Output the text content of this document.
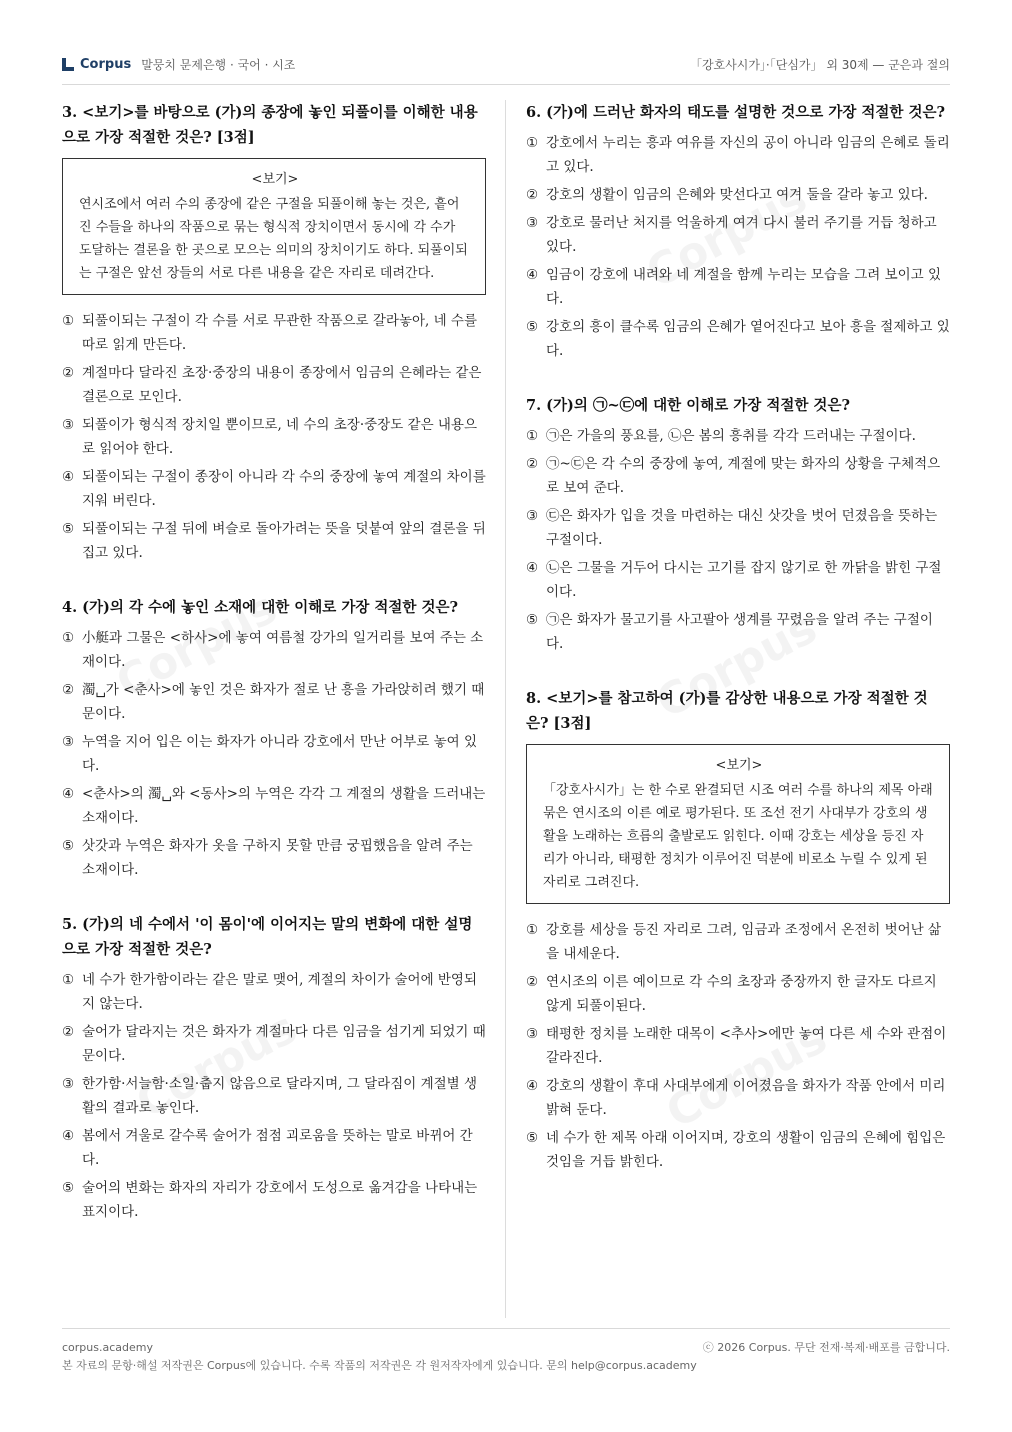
Corpus 말뭉치 문제은행 · 국어 · 시조	「강호사시가」·「단심가」 외 30제 — 군은과 절의
3. <보기>를 바탕으로 (가)의 종장에 놓인 되풀이를 이해한 내용으로 가장 적절한 것은? [3점]
<보기>
연시조에서 여러 수의 종장에 같은 구절을 되풀이해 놓는 것은, 흩어진 수들을 하나의 작품으로 묶는 형식적 장치이면서 동시에 각 수가 도달하는 결론을 한 곳으로 모으는 의미의 장치이기도 하다. 되풀이되는 구절은 앞선 장들의 서로 다른 내용을 같은 자리로 데려간다.
① 되풀이되는 구절이 각 수를 서로 무관한 작품으로 갈라놓아, 네 수를 따로 읽게 만든다.
② 계절마다 달라진 초장·중장의 내용이 종장에서 임금의 은혜라는 같은 결론으로 모인다.
③ 되풀이가 형식적 장치일 뿐이므로, 네 수의 초장·중장도 같은 내용으로 읽어야 한다.
④ 되풀이되는 구절이 종장이 아니라 각 수의 중장에 놓여 계절의 차이를 지워 버린다.
⑤ 되풀이되는 구절 뒤에 벼슬로 돌아가려는 뜻을 덧붙여 앞의 결론을 뒤집고 있다.
4. (가)의 각 수에 놓인 소재에 대한 이해로 가장 적절한 것은?
① 小艇과 그물은 <하사>에 놓여 여름철 강가의 일거리를 보여 주는 소재이다.
② 濁␣가 <춘사>에 놓인 것은 화자가 절로 난 흥을 가라앉히려 했기 때문이다.
③ 누역을 지어 입은 이는 화자가 아니라 강호에서 만난 어부로 놓여 있다.
④ <춘사>의 濁␣와 <동사>의 누역은 각각 그 계절의 생활을 드러내는 소재이다.
⑤ 삿갓과 누역은 화자가 옷을 구하지 못할 만큼 궁핍했음을 알려 주는 소재이다.
5. (가)의 네 수에서 '이 몸이'에 이어지는 말의 변화에 대한 설명으로 가장 적절한 것은?
① 네 수가 한가함이라는 같은 말로 맺어, 계절의 차이가 술어에 반영되지 않는다.
② 술어가 달라지는 것은 화자가 계절마다 다른 임금을 섬기게 되었기 때문이다.
③ 한가함·서늘함·소일·춥지 않음으로 달라지며, 그 달라짐이 계절별 생활의 결과로 놓인다.
④ 봄에서 겨울로 갈수록 술어가 점점 괴로움을 뜻하는 말로 바뀌어 간다.
⑤ 술어의 변화는 화자의 자리가 강호에서 도성으로 옮겨감을 나타내는 표지이다.
6. (가)에 드러난 화자의 태도를 설명한 것으로 가장 적절한 것은?
① 강호에서 누리는 흥과 여유를 자신의 공이 아니라 임금의 은혜로 돌리고 있다.
② 강호의 생활이 임금의 은혜와 맞선다고 여겨 둘을 갈라 놓고 있다.
③ 강호로 물러난 처지를 억울하게 여겨 다시 불러 주기를 거듭 청하고 있다.
④ 임금이 강호에 내려와 네 계절을 함께 누리는 모습을 그려 보이고 있다.
⑤ 강호의 흥이 클수록 임금의 은혜가 옅어진다고 보아 흥을 절제하고 있다.
7. (가)의 ㉠~㉢에 대한 이해로 가장 적절한 것은?
① ㉠은 가을의 풍요를, ㉡은 봄의 흥취를 각각 드러내는 구절이다.
② ㉠~㉢은 각 수의 중장에 놓여, 계절에 맞는 화자의 상황을 구체적으로 보여 준다.
③ ㉢은 화자가 입을 것을 마련하는 대신 삿갓을 벗어 던졌음을 뜻하는 구절이다.
④ ㉡은 그물을 거두어 다시는 고기를 잡지 않기로 한 까닭을 밝힌 구절이다.
⑤ ㉠은 화자가 물고기를 사고팔아 생계를 꾸렸음을 알려 주는 구절이다.
8. <보기>를 참고하여 (가)를 감상한 내용으로 가장 적절한 것은? [3점]
<보기>
「강호사시가」는 한 수로 완결되던 시조 여러 수를 하나의 제목 아래 묶은 연시조의 이른 예로 평가된다. 또 조선 전기 사대부가 강호의 생활을 노래하는 흐름의 출발로도 읽힌다. 이때 강호는 세상을 등진 자리가 아니라, 태평한 정치가 이루어진 덕분에 비로소 누릴 수 있게 된 자리로 그려진다.
① 강호를 세상을 등진 자리로 그려, 임금과 조정에서 온전히 벗어난 삶을 내세운다.
② 연시조의 이른 예이므로 각 수의 초장과 중장까지 한 글자도 다르지 않게 되풀이된다.
③ 태평한 정치를 노래한 대목이 <추사>에만 놓여 다른 세 수와 관점이 갈라진다.
④ 강호의 생활이 후대 사대부에게 이어졌음을 화자가 작품 안에서 미리 밝혀 둔다.
⑤ 네 수가 한 제목 아래 이어지며, 강호의 생활이 임금의 은혜에 힘입은 것임을 거듭 밝힌다.
corpus.academy	ⓒ 2026 Corpus. 무단 전재·복제·배포를 금합니다.
본 자료의 문항·해설 저작권은 Corpus에 있습니다. 수록 작품의 저작권은 각 원저작자에게 있습니다. 문의 help@corpus.academy
